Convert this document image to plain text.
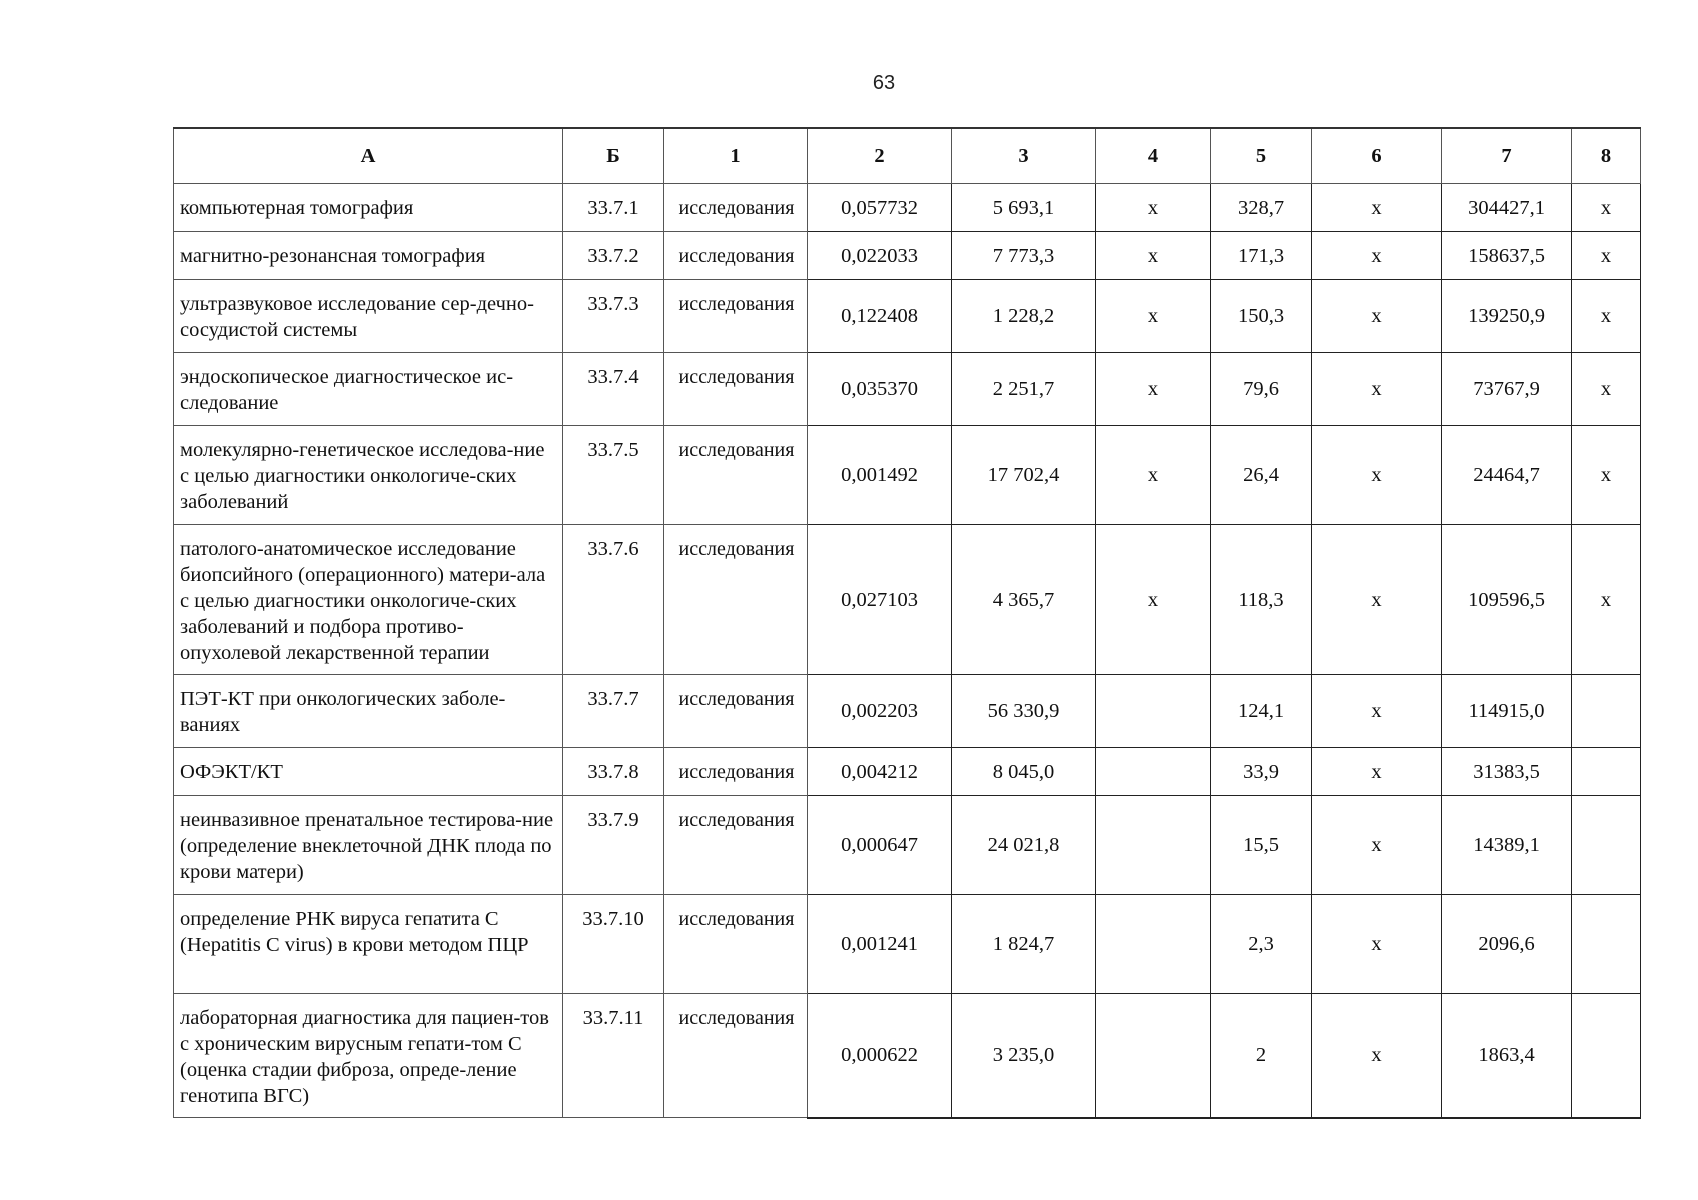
63
А	Б	1	2	3	4	5	6	7	8
компьютерная томография	33.7.1	исследования	0,057732	5 693,1	х	328,7	х	304427,1	х
магнитно-резонансная томография	33.7.2	исследования	0,022033	7 773,3	х	171,3	х	158637,5	х
ультразвуковое исследование сер-дечно-сосудистой системы	33.7.3	исследования	0,122408	1 228,2	х	150,3	х	139250,9	х
эндоскопическое диагностическое ис-следование	33.7.4	исследования	0,035370	2 251,7	х	79,6	х	73767,9	х
молекулярно-генетическое исследова-ние с целью диагностики онкологиче-ских заболеваний	33.7.5	исследования	0,001492	17 702,4	х	26,4	х	24464,7	х
патолого-анатомическое исследование биопсийного (операционного) матери-ала с целью диагностики онкологиче-ских заболеваний и подбора противо-опухолевой лекарственной терапии	33.7.6	исследования	0,027103	4 365,7	х	118,3	х	109596,5	х
ПЭТ-КТ при онкологических заболе-ваниях	33.7.7	исследования	0,002203	56 330,9		124,1	х	114915,0	
ОФЭКТ/КТ	33.7.8	исследования	0,004212	8 045,0		33,9	х	31383,5	
неинвазивное пренатальное тестирова-ние (определение внеклеточной ДНК плода по крови матери)	33.7.9	исследования	0,000647	24 021,8		15,5	х	14389,1	
определение РНК вируса гепатита С (Hepatitis C virus) в крови методом ПЦР	33.7.10	исследования	0,001241	1 824,7		2,3	х	2096,6	
лабораторная диагностика для пациен-тов с хроническим вирусным гепати-том С (оценка стадии фиброза, опреде-ление генотипа ВГС)	33.7.11	исследования	0,000622	3 235,0		2	х	1863,4	
